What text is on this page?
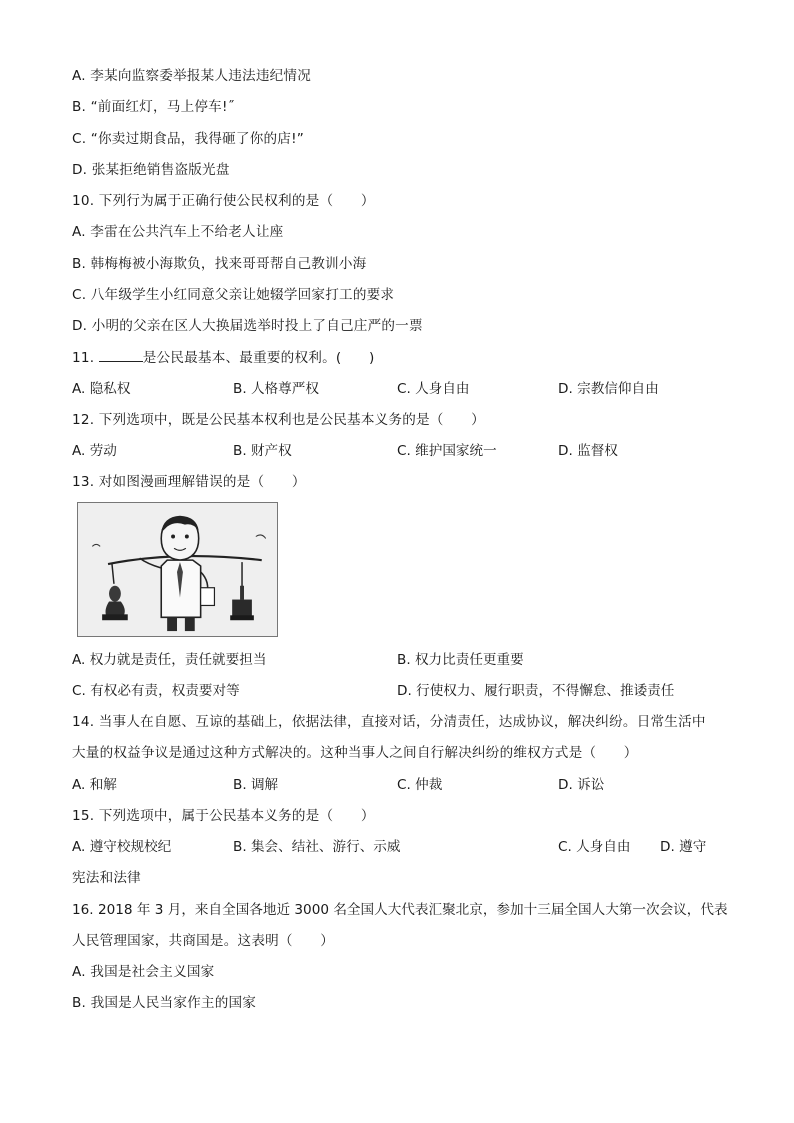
A. 李某向监察委举报某人违法违纪情况
B. “前面红灯，马上停车!˝
C. “你卖过期食品，我得砸了你的店!”
D. 张某拒绝销售盗版光盘
10. 下列行为属于正确行使公民权利的是（　　）
A. 李雷在公共汽车上不给老人让座
B. 韩梅梅被小海欺负，找来哥哥帮自己教训小海
C. 八年级学生小红同意父亲让她辍学回家打工的要求
D. 小明的父亲在区人大换届选举时投上了自己庄严的一票
11.	是公民最基本、最重要的权利。(　　)
A. 隐私权	B. 人格尊严权	C. 人身自由	D. 宗教信仰自由
12. 下列选项中，既是公民基本权利也是公民基本义务的是（　　）
A. 劳动	B. 财产权	C. 维护国家统一	D. 监督权
13. 对如图漫画理解错误的是（　　）
A. 权力就是责任，责任就要担当	B. 权力比责任更重要
C. 有权必有责，权责要对等	D. 行使权力、履行职责，不得懈怠、推诿责任
14. 当事人在自愿、互谅的基础上，依据法律，直接对话，分清责任，达成协议，解决纠纷。日常生活中
大量的权益争议是通过这种方式解决的。这种当事人之间自行解决纠纷的维权方式是（　　）
A. 和解	B. 调解	C. 仲裁	D. 诉讼
15. 下列选项中，属于公民基本义务的是（　　）
A. 遵守校规校纪	B. 集会、结社、游行、示威	C. 人身自由 D. 遵守
宪法和法律
16. 2018 年 3 月，来自全国各地近 3000 名全国人大代表汇聚北京，参加十三届全国人大第一次会议，代表
人民管理国家，共商国是。这表明（　　）
A. 我国是社会主义国家
B. 我国是人民当家作主的国家
